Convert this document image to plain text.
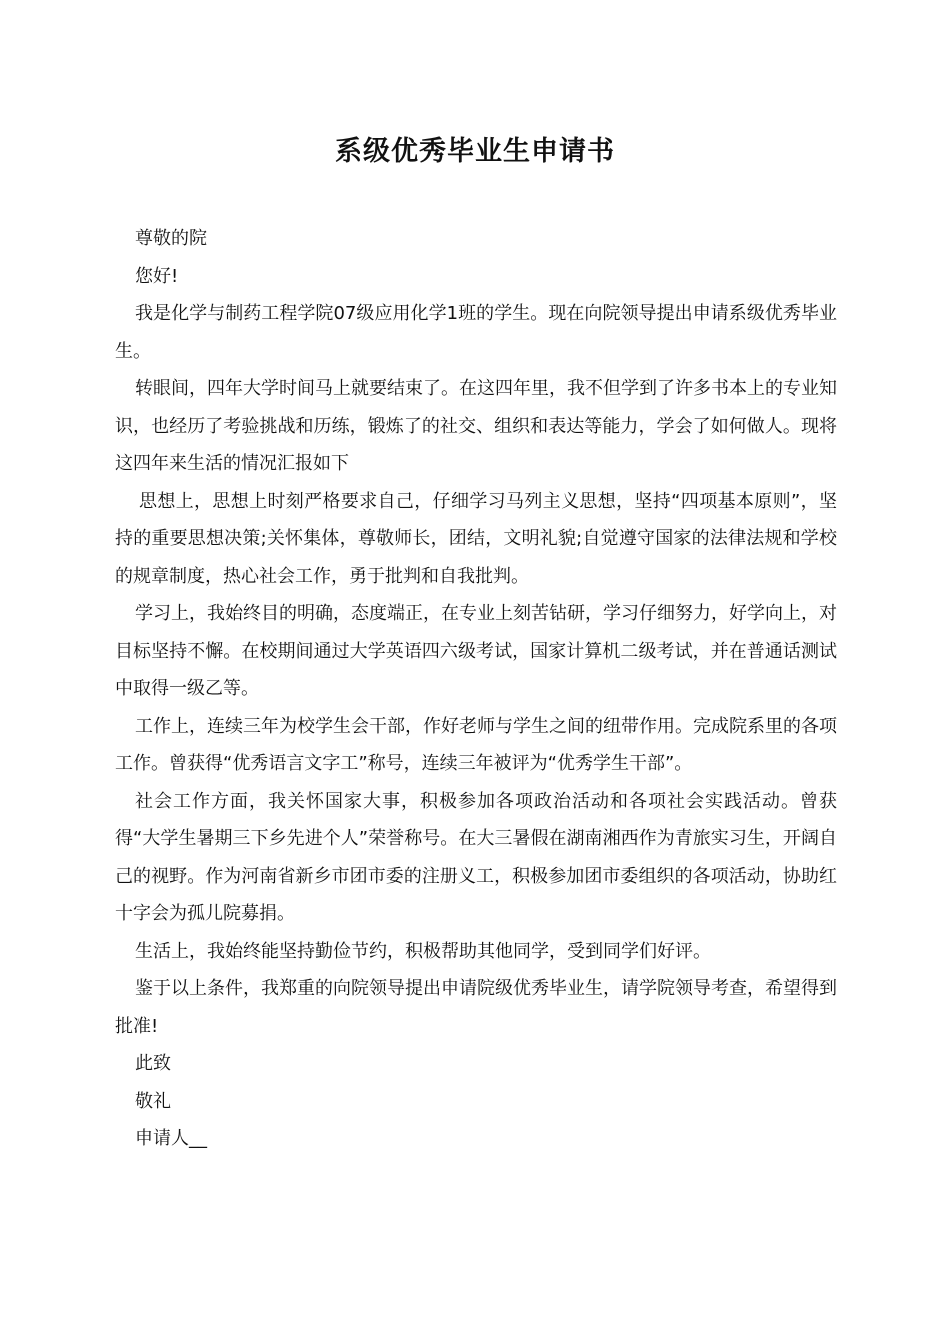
系级优秀毕业生申请书

尊敬的院

您好!

我是化学与制药工程学院07级应用化学1班的学生。现在向院领导提出申请系级优秀毕业生。

转眼间，四年大学时间马上就要结束了。在这四年里，我不但学到了许多书本上的专业知识，也经历了考验挑战和历练，锻炼了的社交、组织和表达等能力，学会了如何做人。现将这四年来生活的情况汇报如下

思想上，思想上时刻严格要求自己，仔细学习马列主义思想，坚持“四项基本原则”，坚持的重要思想决策;关怀集体，尊敬师长，团结，文明礼貌;自觉遵守国家的法律法规和学校的规章制度，热心社会工作，勇于批判和自我批判。

学习上，我始终目的明确，态度端正，在专业上刻苦钻研，学习仔细努力，好学向上，对目标坚持不懈。在校期间通过大学英语四六级考试，国家计算机二级考试，并在普通话测试中取得一级乙等。

工作上，连续三年为校学生会干部，作好老师与学生之间的纽带作用。完成院系里的各项工作。曾获得“优秀语言文字工”称号，连续三年被评为“优秀学生干部”。

社会工作方面，我关怀国家大事，积极参加各项政治活动和各项社会实践活动。曾获得“大学生暑期三下乡先进个人”荣誉称号。在大三暑假在湖南湘西作为青旅实习生，开阔自己的视野。作为河南省新乡市团市委的注册义工，积极参加团市委组织的各项活动，协助红十字会为孤儿院募捐。

生活上，我始终能坚持勤俭节约，积极帮助其他同学，受到同学们好评。

鉴于以上条件，我郑重的向院领导提出申请院级优秀毕业生，请学院领导考查，希望得到批准!

此致

敬礼

申请人__
